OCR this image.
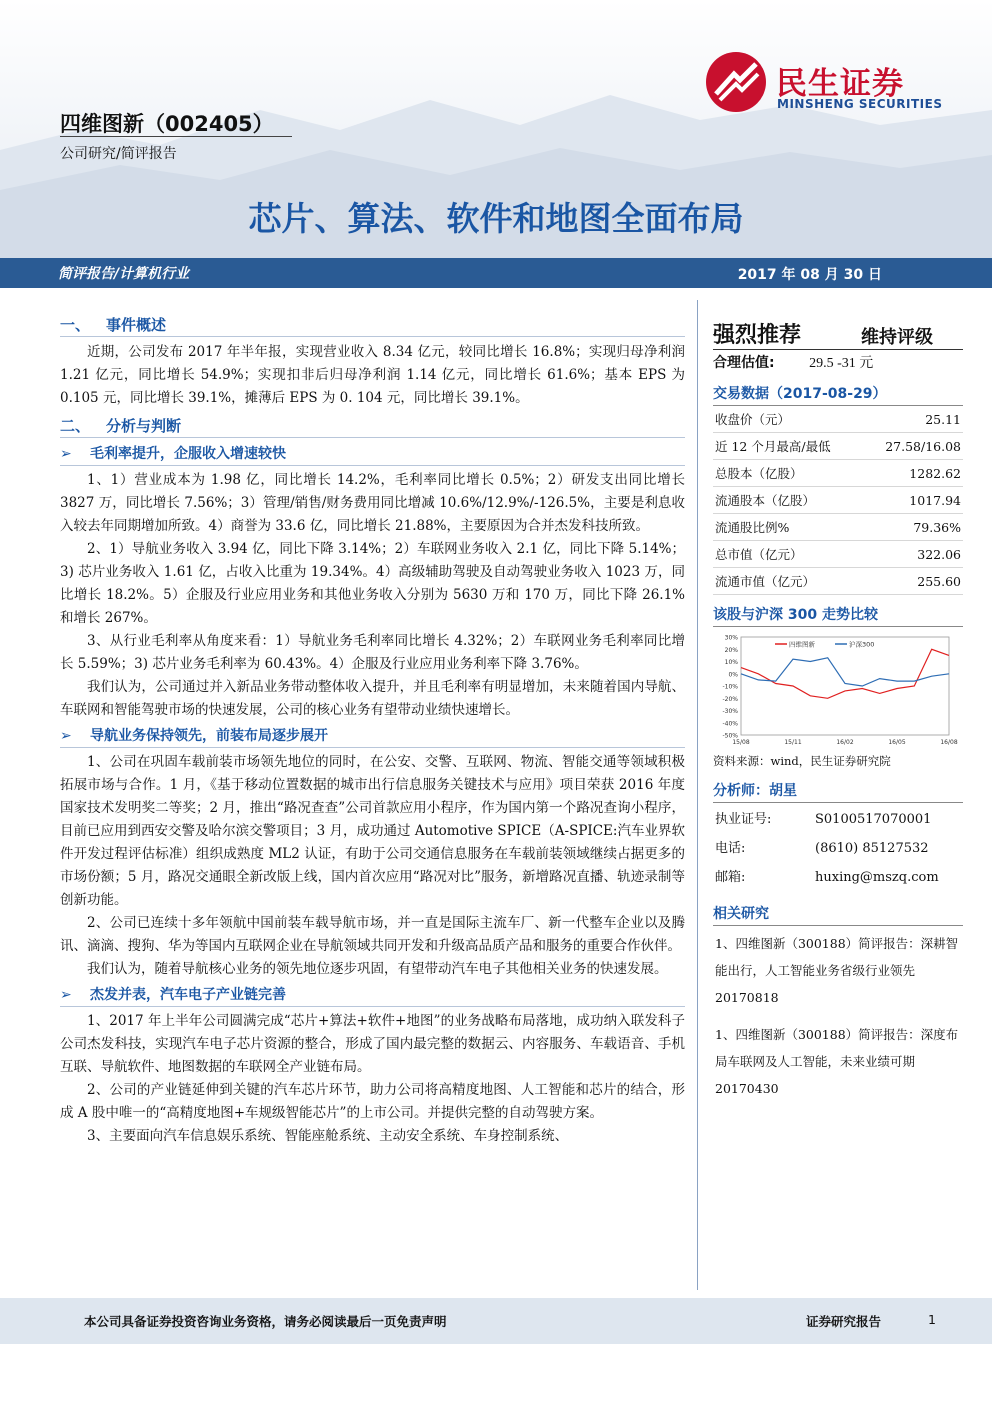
四维图新（002405）
公司研究/简评报告
芯片、算法、软件和地图全面布局
民生证券
MINSHENG SECURITIES
简评报告/计算机行业	2017 年 08 月 30 日
一、 事件概述

近期，公司发布 2017 年半年报，实现营业收入 8.34 亿元，较同比增长 16.8%；实现归母净利润 1.21 亿元，同比增长 54.9%；实现扣非后归母净利润 1.14 亿元，同比增长 61.6%；基本 EPS 为 0.105 元，同比增长 39.1%，摊薄后 EPS 为 0. 104 元，同比增长 39.1%。

二、 分析与判断
➢ 毛利率提升，企服收入增速较快

1、1）营业成本为 1.98 亿，同比增长 14.2%，毛利率同比增长 0.5%；2）研发支出同比增长 3827 万，同比增长 7.56%；3）管理/销售/财务费用同比增减 10.6%/12.9%/-126.5%，主要是利息收入较去年同期增加所致。4）商誉为 33.6 亿，同比增长 21.88%，主要原因为合并杰发科技所致。

2、1）导航业务收入 3.94 亿，同比下降 3.14%；2）车联网业务收入 2.1 亿，同比下降 5.14%；3) 芯片业务收入 1.61 亿，占收入比重为 19.34%。4）高级辅助驾驶及自动驾驶业务收入 1023 万，同比增长 18.2%。5）企服及行业应用业务和其他业务收入分别为 5630 万和 170 万，同比下降 26.1%和增长 267%。

3、从行业毛利率从角度来看：1）导航业务毛利率同比增长 4.32%；2）车联网业务毛利率同比增长 5.59%；3) 芯片业务毛利率为 60.43%。4）企服及行业应用业务利率下降 3.76%。

我们认为，公司通过并入新品业务带动整体收入提升，并且毛利率有明显增加，未来随着国内导航、车联网和智能驾驶市场的快速发展，公司的核心业务有望带动业绩快速增长。

➢ 导航业务保持领先，前装布局逐步展开

1、公司在巩固车载前装市场领先地位的同时，在公安、交警、互联网、物流、智能交通等领域积极拓展市场与合作。1 月，《基于移动位置数据的城市出行信息服务关键技术与应用》项目荣获 2016 年度国家技术发明奖二等奖；2 月，推出“路况查查”公司首款应用小程序，作为国内第一个路况查询小程序，目前已应用到西安交警及哈尔滨交警项目；3 月，成功通过 Automotive SPICE（A-SPICE:汽车业界软件开发过程评估标准）组织成熟度 ML2 认证，有助于公司交通信息服务在车载前装领域继续占据更多的市场份额；5 月，路况交通眼全新改版上线，国内首次应用“路况对比”服务，新增路况直播、轨迹录制等创新功能。

2、公司已连续十多年领航中国前装车载导航市场，并一直是国际主流车厂、新一代整车企业以及腾讯、滴滴、搜狗、华为等国内互联网企业在导航领域共同开发和升级高品质产品和服务的重要合作伙伴。

我们认为，随着导航核心业务的领先地位逐步巩固，有望带动汽车电子其他相关业务的快速发展。

➢ 杰发并表，汽车电子产业链完善

1、2017 年上半年公司圆满完成“芯片+算法+软件+地图”的业务战略布局落地，成功纳入联发科子公司杰发科技，实现汽车电子芯片资源的整合，形成了国内最完整的数据云、内容服务、车载语音、手机互联、导航软件、地图数据的车联网全产业链布局。

2、公司的产业链延伸到关键的汽车芯片环节，助力公司将高精度地图、人工智能和芯片的结合，形成 A 股中唯一的“高精度地图+车规级智能芯片”的上市公司。并提供完整的自动驾驶方案。

3、主要面向汽车信息娱乐系统、智能座舱系统、主动安全系统、车身控制系统、

强烈推荐	维持评级
合理估值: 29.5 -31 元
交易数据（2017-08-29）
收盘价（元）	25.11
近 12 个月最高/最低	27.58/16.08
总股本（亿股）	1282.62
流通股本（亿股）	1017.94
流通股比例%	79.36%
总市值（亿元）	322.06
流通市值（亿元）	255.60
该股与沪深 300 走势比较
30%
20%
10%
0%
-10%
-20%
-30%
-40%
-50%
15/08	15/11	16/02	16/05	16/08
四维图新	沪深300
资料来源：wind，民生证券研究院
分析师：胡星
执业证号:	S0100517070001
电话:	(8610) 85127532
邮箱:	huxing@mszq.com
相关研究
1、四维图新（300188）简评报告：深耕智能出行，人工智能业务省级行业领先 20170818
1、四维图新（300188）简评报告：深度布局车联网及人工智能，未来业绩可期 20170430
本公司具备证券投资咨询业务资格，请务必阅读最后一页免责声明	证券研究报告	1
